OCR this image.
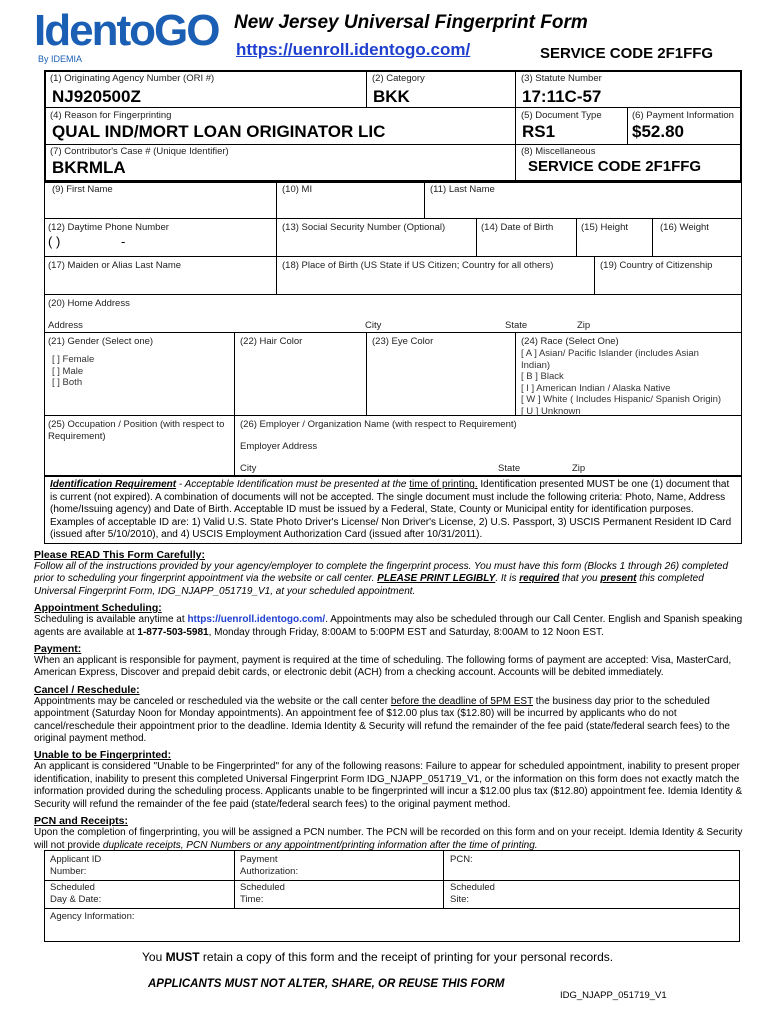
IdentoGO
By IDEMIA
New Jersey Universal Fingerprint Form
https://uenroll.identogo.com/	SERVICE CODE 2F1FFG
(1) Originating Agency Number (ORI #)
NJ920500Z
(2) Category
BKK
(3) Statute Number
17:11C-57
(4) Reason for Fingerprinting
QUAL IND/MORT LOAN ORIGINATOR LIC
(5) Document Type
RS1
(6) Payment Information
$52.80
(7) Contributor's Case # (Unique Identifier)
BKRMLA
(8) Miscellaneous
SERVICE CODE 2F1FFG
(9) First Name	(10) MI	(11) Last Name
(12) Daytime Phone Number
( )	-
(13) Social Security Number (Optional)	(14) Date of Birth	(15) Height	(16) Weight
(17) Maiden or Alias Last Name	(18) Place of Birth (US State if US Citizen; Country for all others)	(19) Country of Citizenship
(20) Home Address
Address	City	State	Zip
(21) Gender (Select one)
[ ] Female
[ ] Male
[ ] Both
(22) Hair Color	(23) Eye Color	(24) Race (Select One)
[ A ] Asian/ Pacific Islander (includes Asian
Indian)
[ B ] Black
[ I ] American Indian / Alaska Native
[ W ] White ( Includes Hispanic/ Spanish Origin)
[ U ] Unknown
(25) Occupation / Position (with respect to Requirement)
(26) Employer / Organization Name (with respect to Requirement)
Employer Address
City	State	Zip
Identification Requirement - Acceptable Identification must be presented at the time of printing. Identification presented MUST be one (1) document that is current (not expired). A combination of documents will not be accepted. The single document must include the following criteria: Photo, Name, Address (home/Issuing agency) and Date of Birth. Acceptable ID must be issued by a Federal, State, County or Municipal entity for identification purposes. Examples of acceptable ID are: 1) Valid U.S. State Photo Driver's License/ Non Driver's License, 2) U.S. Passport, 3) USCIS Permanent Resident ID Card (issued after 5/10/2010), and 4) USCIS Employment Authorization Card (issued after 10/31/2011).
Please READ This Form Carefully:
Follow all of the instructions provided by your agency/employer to complete the fingerprint process. You must have this form (Blocks 1 through 26) completed prior to scheduling your fingerprint appointment via the website or call center. PLEASE PRINT LEGIBLY. It is required that you present this completed Universal Fingerprint Form, IDG_NJAPP_051719_V1, at your scheduled appointment.
Appointment Scheduling:
Scheduling is available anytime at https://uenroll.identogo.com/. Appointments may also be scheduled through our Call Center. English and Spanish speaking agents are available at 1-877-503-5981, Monday through Friday, 8:00AM to 5:00PM EST and Saturday, 8:00AM to 12 Noon EST.
Payment:
When an applicant is responsible for payment, payment is required at the time of scheduling. The following forms of payment are accepted: Visa, MasterCard, American Express, Discover and prepaid debit cards, or electronic debit (ACH) from a checking account. Accounts will be debited immediately.
Cancel / Reschedule:
Appointments may be canceled or rescheduled via the website or the call center before the deadline of 5PM EST the business day prior to the scheduled appointment (Saturday Noon for Monday appointments). An appointment fee of $12.00 plus tax ($12.80) will be incurred by applicants who do not cancel/reschedule their appointment prior to the deadline. Idemia Identity & Security will refund the remainder of the fee paid (state/federal search fees) to the original payment method.
Unable to be Fingerprinted:
An applicant is considered "Unable to be Fingerprinted" for any of the following reasons: Failure to appear for scheduled appointment, inability to present proper identification, inability to present this completed Universal Fingerprint Form IDG_NJAPP_051719_V1, or the information on this form does not exactly match the information provided during the scheduling process. Applicants unable to be fingerprinted will incur a $12.00 plus tax ($12.80) appointment fee. Idemia Identity & Security will refund the remainder of the fee paid (state/federal search fees) to the original payment method.
PCN and Receipts:
Upon the completion of fingerprinting, you will be assigned a PCN number. The PCN will be recorded on this form and on your receipt. Idemia Identity & Security will not provide duplicate receipts, PCN Numbers or any appointment/printing information after the time of printing.
Applicant ID
Number:
Payment
Authorization:
PCN:
Scheduled
Day & Date:
Scheduled
Time:
Scheduled
Site:
Agency Information:
You MUST retain a copy of this form and the receipt of printing for your personal records.
APPLICANTS MUST NOT ALTER, SHARE, OR REUSE THIS FORM
IDG_NJAPP_051719_V1
